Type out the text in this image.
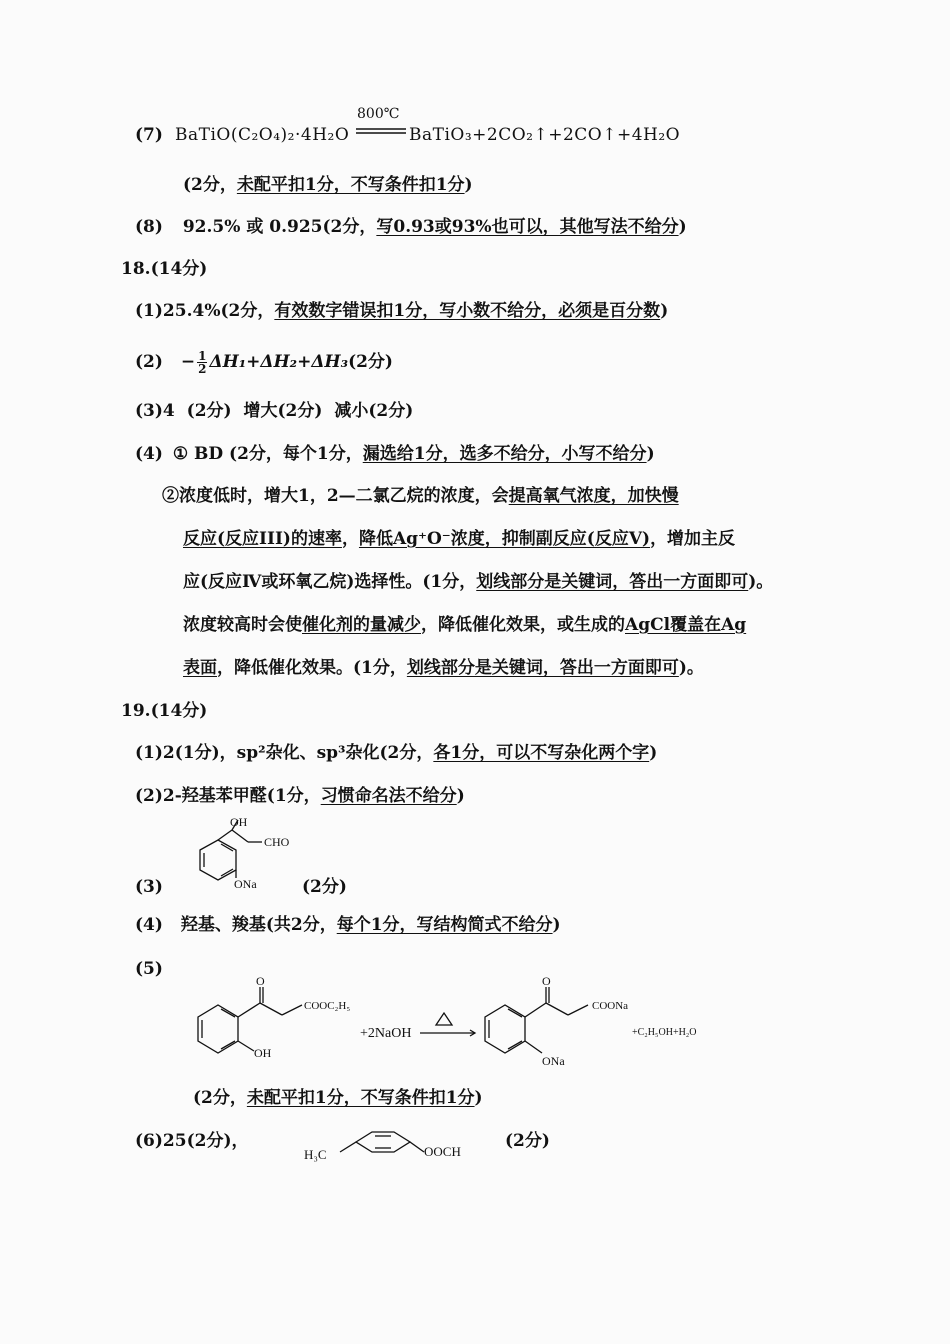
(7) BaTiO(C₂O₄)₂·4H₂O
800℃
BaTiO₃+2CO₂↑+2CO↑+4H₂O
(2分，未配平扣1分，不写条件扣1分)
(8) 92.5% 或 0.925(2分，写0.93或93%也可以，其他写法不给分)
18.(14分)
(1)25.4%(2分，有效数字错误扣1分，写小数不给分，必须是百分数)
$(2) - \frac{1}{2} \Delta H_1+\Delta H_2+\Delta H_3(2$分)
(3)4 (2分) 增大(2分) 减小(2分)
(4) ① BD (2分，每个1分，漏选给1分，选多不给分，小写不给分)
②浓度低时，增大1，2—二氯乙烷的浓度，会提高氧气浓度，加快慢
反应(反应III)的速率，降低Ag⁺O⁻浓度，抑制副反应(反应Ⅴ)，增加主反
应(反应Ⅳ或环氧乙烷)选择性。(1分，划线部分是关键词，答出一方面即可)。
浓度较高时会使催化剂的量减少，降低催化效果，或生成的AgCl覆盖在Ag
表面，降低催化效果。(1分，划线部分是关键词，答出一方面即可)。
19.(14分)
(1)2(1分)，sp²杂化、sp³杂化(2分，各1分，可以不写杂化两个字)
(2)2-羟基苯甲醛(1分，习惯命名法不给分)
(3)
OH
CHO
ONa	(2分)
(4) 羟基、羧基(共2分，每个1分，写结构简式不给分)
(5)
O
COOC₂H₅
OH
+2NaOH
O
COONa
ONa
+C₂H₅OH+H₂O
(2分，未配平扣1分，不写条件扣1分)
(6)25(2分)，
H₃C	OOCH
(2分)
